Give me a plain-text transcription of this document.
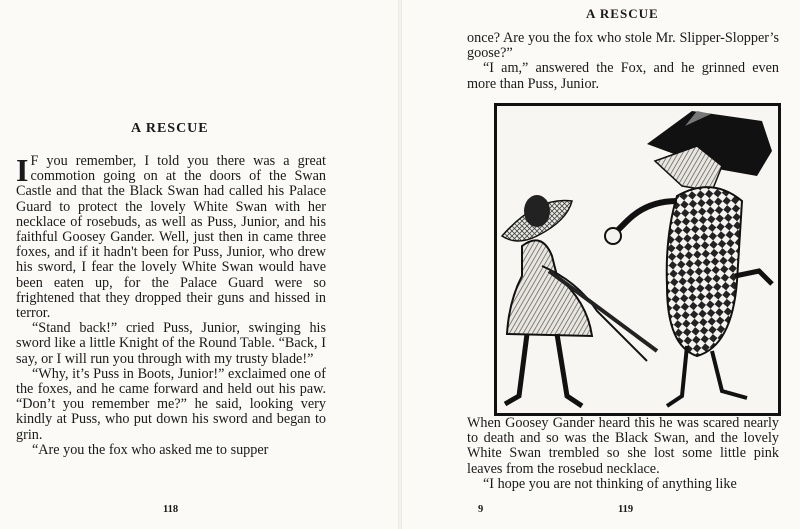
A RESCUE

I F you remember, I told you there was a great commotion going on at the doors of the Swan Castle and that the Black Swan had called his Palace Guard to protect the lovely White Swan with her necklace of rosebuds, as well as Puss, Junior, and his faithful Goosey Gander. Well, just then in came three foxes, and if it hadn't been for Puss, Junior, who drew his sword, I fear the lovely White Swan would have been eaten up, for the Palace Guard were so frightened that they dropped their guns and hissed in terror.

“Stand back!” cried Puss, Junior, swinging his sword like a little Knight of the Round Table. “Back, I say, or I will run you through with my trusty blade!”

“Why, it’s Puss in Boots, Junior!” exclaimed one of the foxes, and he came forward and held out his paw. “Don’t you remember me?” he said, looking very kindly at Puss, who put down his sword and began to grin.

“Are you the fox who asked me to supper

118
A RESCUE

once? Are you the fox who stole Mr. Slipper-Slopper’s goose?”

“I am,” answered the Fox, and he grinned even more than Puss, Junior.

When Goosey Gander heard this he was scared nearly to death and so was the Black Swan, and the lovely White Swan trembled so she lost some little pink leaves from the rosebud necklace.

“I hope you are not thinking of anything like

9	119
